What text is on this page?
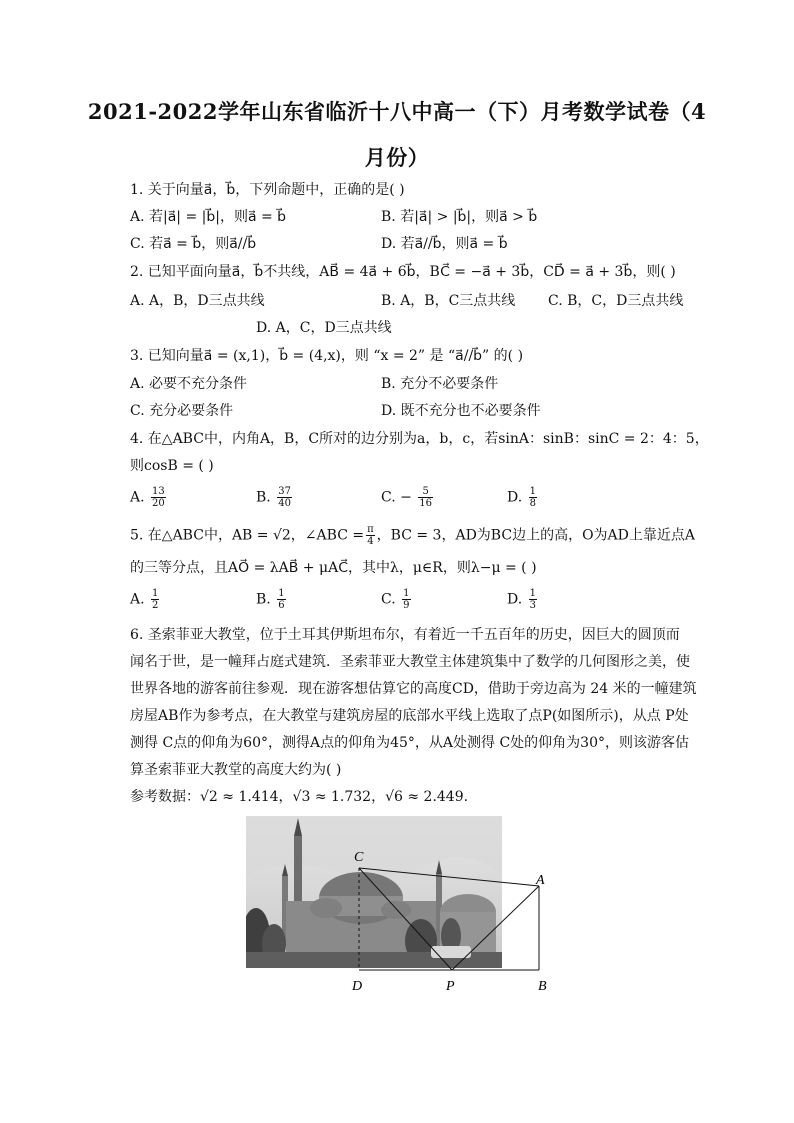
2021-2022学年山东省临沂十八中高一（下）月考数学试卷（4
月份）
1. 关于向量a⃗，b⃗，下列命题中，正确的是( )
A. 若|a⃗| = |b⃗|，则a⃗ = b⃗	B. 若|a⃗| > |b⃗|，则a⃗ > b⃗
C. 若a⃗ = b⃗，则a⃗//b⃗	D. 若a⃗//b⃗，则a⃗ = b⃗
2. 已知平面向量a⃗，b⃗不共线，AB⃗ = 4a⃗ + 6b⃗，BC⃗ = −a⃗ + 3b⃗，CD⃗ = a⃗ + 3b⃗，则( )
A. A，B，D三点共线	B. A，B，C三点共线 C. B，C，D三点共线
D. A，C，D三点共线
3. 已知向量a⃗ = (x,1)，b⃗ = (4,x)，则 “x = 2” 是 “a⃗//b⃗” 的( )
A. 必要不充分条件	B. 充分不必要条件
C. 充分必要条件	D. 既不充分也不必要条件
4. 在△ABC中，内角A，B，C所对的边分别为a，b，c，若sinA：sinB：sinC = 2：4：5，
则cosB = ( )
A. $\frac{13}{20}$	B. $\frac{37}{40}$	C. − $\frac{5}{16}$	D. $\frac{1}{8}$
5. 在△ABC中，AB = √2，∠ABC = $\frac{\pi}{4}$ ，BC = 3，AD为BC边上的高，O为AD上靠近点A
的三等分点，且AO⃗ = λAB⃗ + μAC⃗，其中λ，μ∈R，则λ−μ = ( )
A. $\frac{1}{2}$	B. $\frac{1}{6}$	C. $\frac{1}{9}$	D. $\frac{1}{3}$
6. 圣索菲亚大教堂，位于土耳其伊斯坦布尔，有着近一千五百年的历史，因巨大的圆顶而
闻名于世，是一幢拜占庭式建筑．圣索菲亚大教堂主体建筑集中了数学的几何图形之美，使
世界各地的游客前往参观．现在游客想估算它的高度CD，借助于旁边高为 24 米的一幢建筑
房屋AB作为参考点，在大教堂与建筑房屋的底部水平线上选取了点P(如图所示)，从点 P处
测得 C点的仰角为60°，测得A点的仰角为45°，从A处测得 C处的仰角为30°，则该游客估
算圣索菲亚大教堂的高度大约为( )
参考数据：√2 ≈ 1.414，√3 ≈ 1.732，√6 ≈ 2.449.
C
A
D	P	B
